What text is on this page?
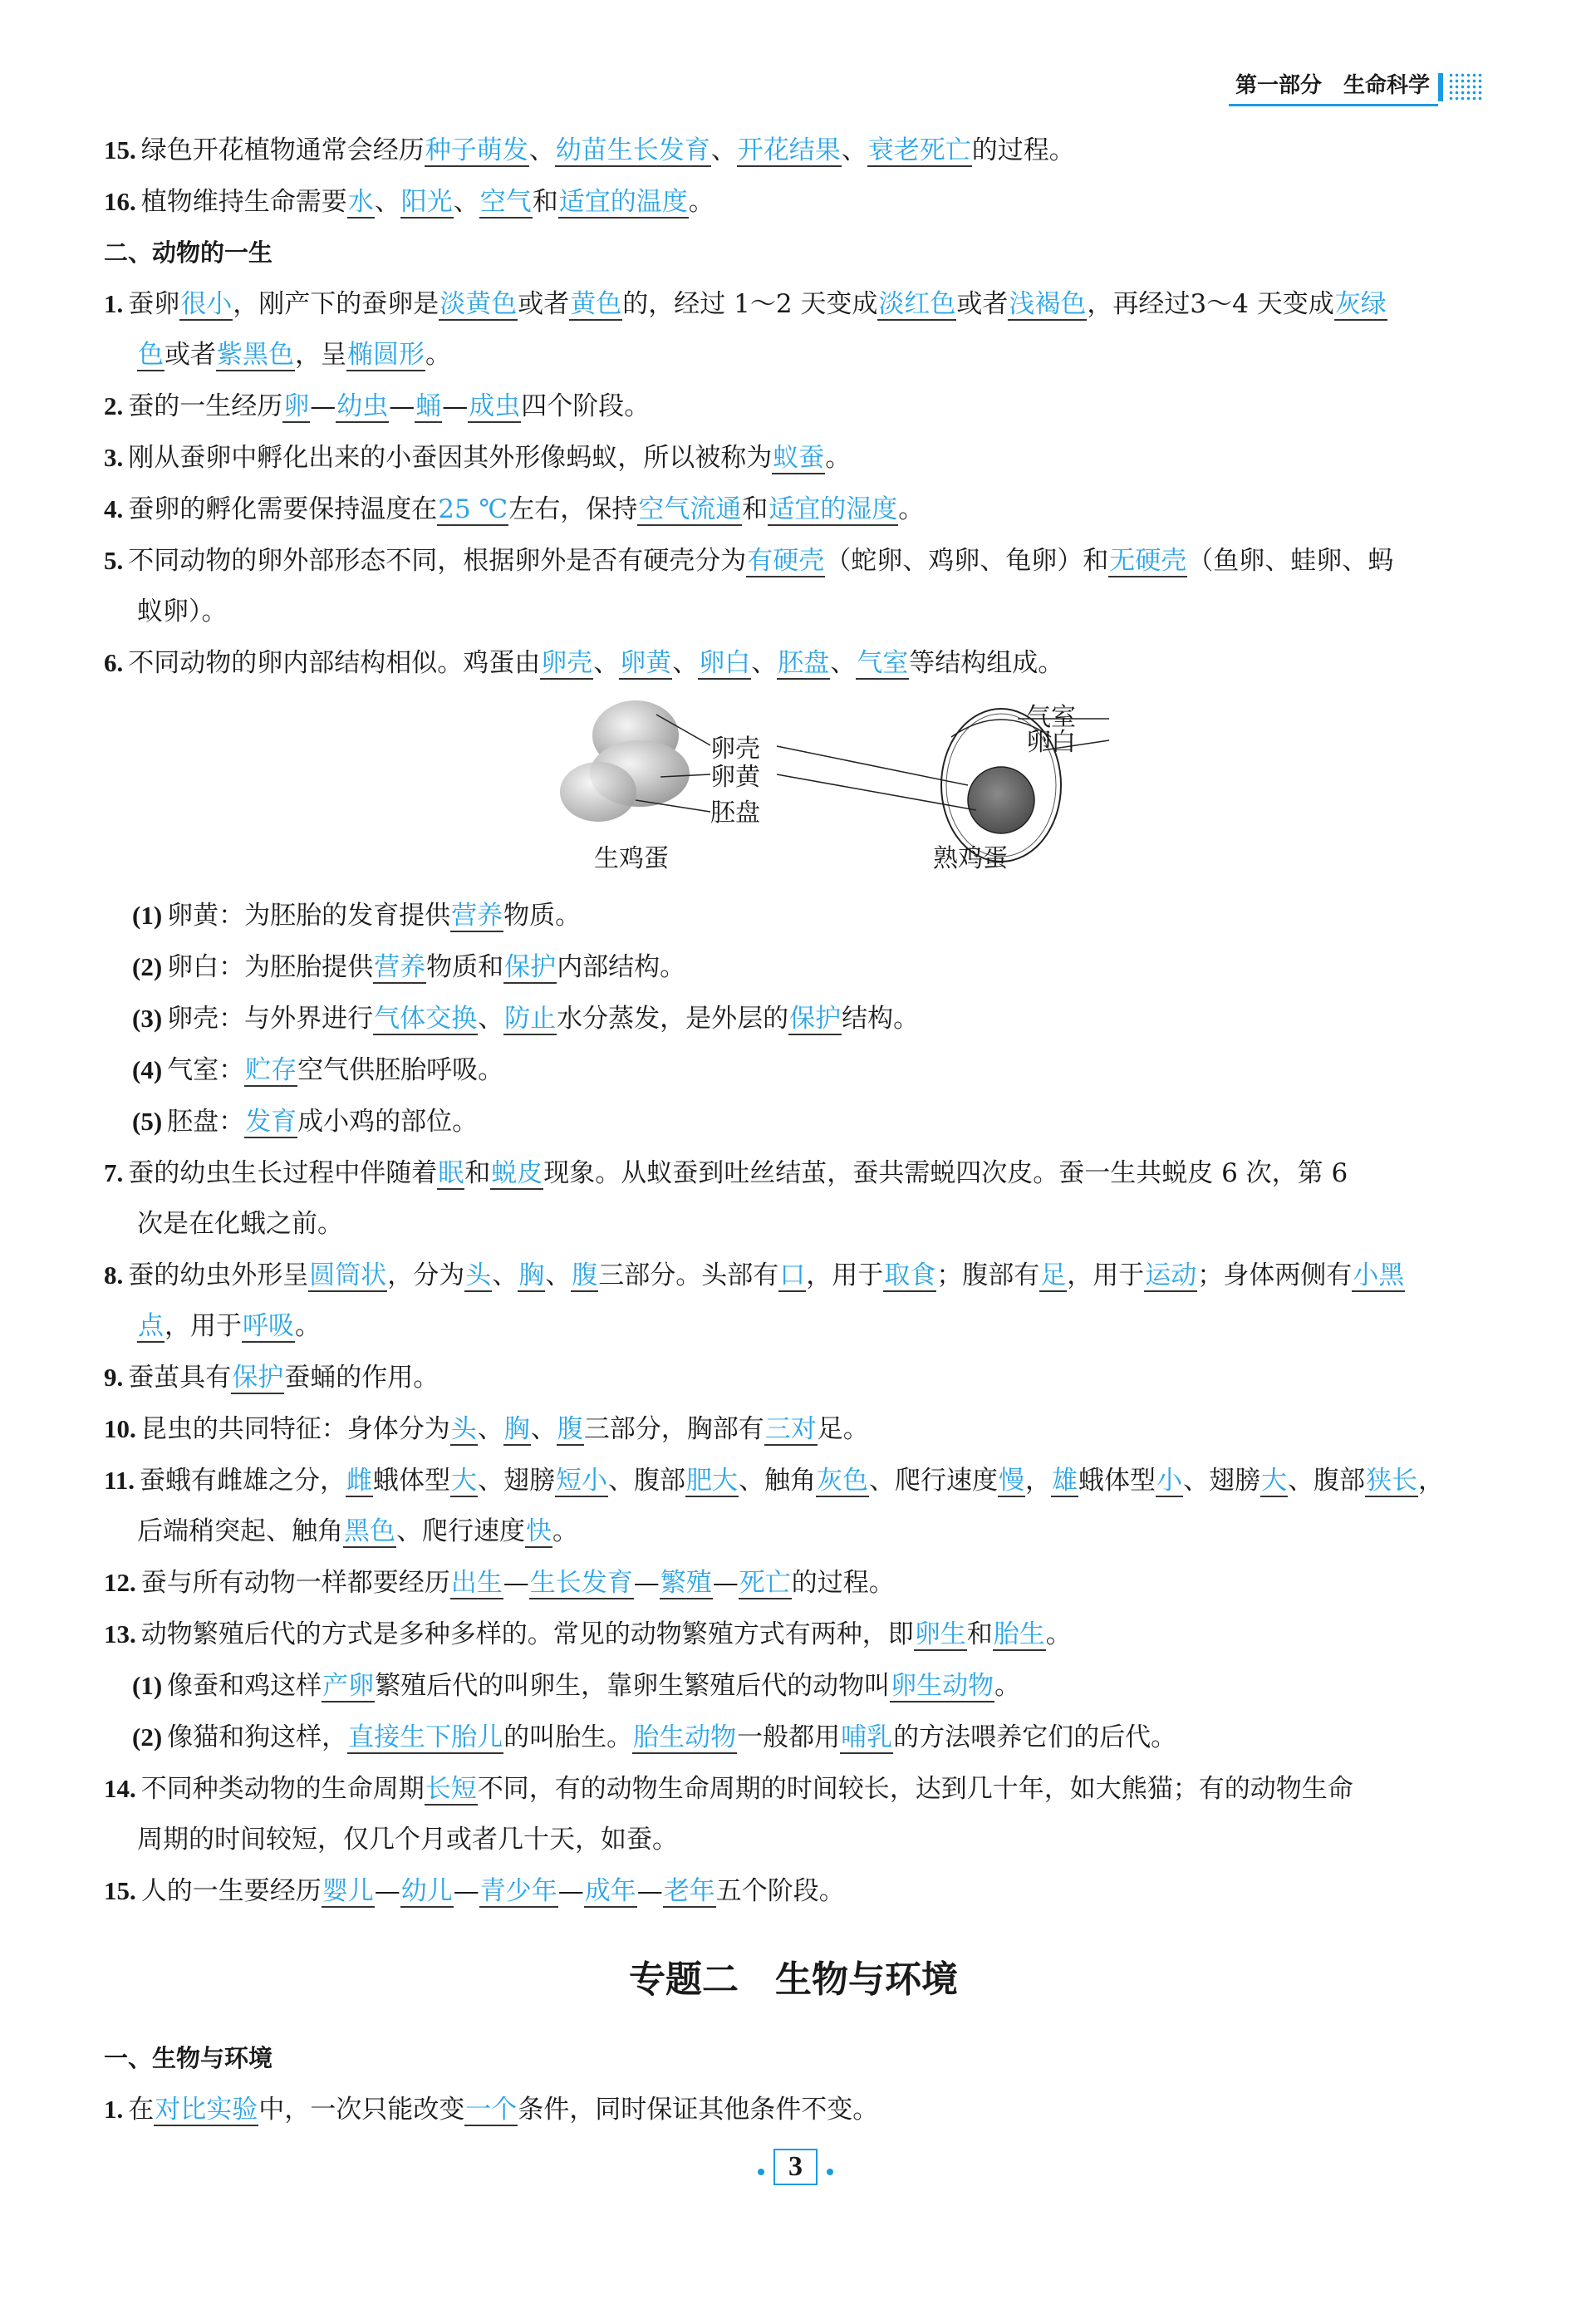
第一部分　生命科学

15. 绿色开花植物通常会经历种子萌发、幼苗生长发育、开花结果、衰老死亡的过程。

16. 植物维持生命需要水、阳光、空气和适宜的温度。

二、动物的一生

1. 蚕卵很小，刚产下的蚕卵是淡黄色或者黄色的，经过 1～2 天变成淡红色或者浅褐色，再经过3～4 天变成灰绿
色或者紫黑色，呈椭圆形。

2. 蚕的一生经历卵—幼虫—蛹—成虫四个阶段。

3. 刚从蚕卵中孵化出来的小蚕因其外形像蚂蚁，所以被称为蚁蚕。

4. 蚕卵的孵化需要保持温度在25 ℃左右，保持空气流通和适宜的湿度。

5. 不同动物的卵外部形态不同，根据卵外是否有硬壳分为有硬壳（蛇卵、鸡卵、龟卵）和无硬壳（鱼卵、蛙卵、蚂
蚁卵）。

6. 不同动物的卵内部结构相似。鸡蛋由卵壳、卵黄、卵白、胚盘、气室等结构组成。

卵壳
卵黄
胚盘
气室
卵白
生鸡蛋	熟鸡蛋

(1) 卵黄：为胚胎的发育提供营养物质。

(2) 卵白：为胚胎提供营养物质和保护内部结构。

(3) 卵壳：与外界进行气体交换、防止水分蒸发，是外层的保护结构。

(4) 气室：贮存空气供胚胎呼吸。

(5) 胚盘：发育成小鸡的部位。

7. 蚕的幼虫生长过程中伴随着眠和蜕皮现象。从蚁蚕到吐丝结茧，蚕共需蜕四次皮。蚕一生共蜕皮 6 次，第 6
次是在化蛾之前。

8. 蚕的幼虫外形呈圆筒状，分为头、胸、腹三部分。头部有口，用于取食；腹部有足，用于运动；身体两侧有小黑
点，用于呼吸。

9. 蚕茧具有保护蚕蛹的作用。

10. 昆虫的共同特征：身体分为头、胸、腹三部分，胸部有三对足。

11. 蚕蛾有雌雄之分，雌蛾体型大、翅膀短小、腹部肥大、触角灰色、爬行速度慢，雄蛾体型小、翅膀大、腹部狭长，
后端稍突起、触角黑色、爬行速度快。

12. 蚕与所有动物一样都要经历出生—生长发育—繁殖—死亡的过程。

13. 动物繁殖后代的方式是多种多样的。常见的动物繁殖方式有两种，即卵生和胎生。

(1) 像蚕和鸡这样产卵繁殖后代的叫卵生，靠卵生繁殖后代的动物叫卵生动物。

(2) 像猫和狗这样，直接生下胎儿的叫胎生。胎生动物一般都用哺乳的方法喂养它们的后代。

14. 不同种类动物的生命周期长短不同，有的动物生命周期的时间较长，达到几十年，如大熊猫；有的动物生命
周期的时间较短，仅几个月或者几十天，如蚕。

15. 人的一生要经历婴儿—幼儿—青少年—成年—老年五个阶段。

专题二　生物与环境

一、生物与环境

1. 在对比实验中，一次只能改变一个条件，同时保证其他条件不变。

3
